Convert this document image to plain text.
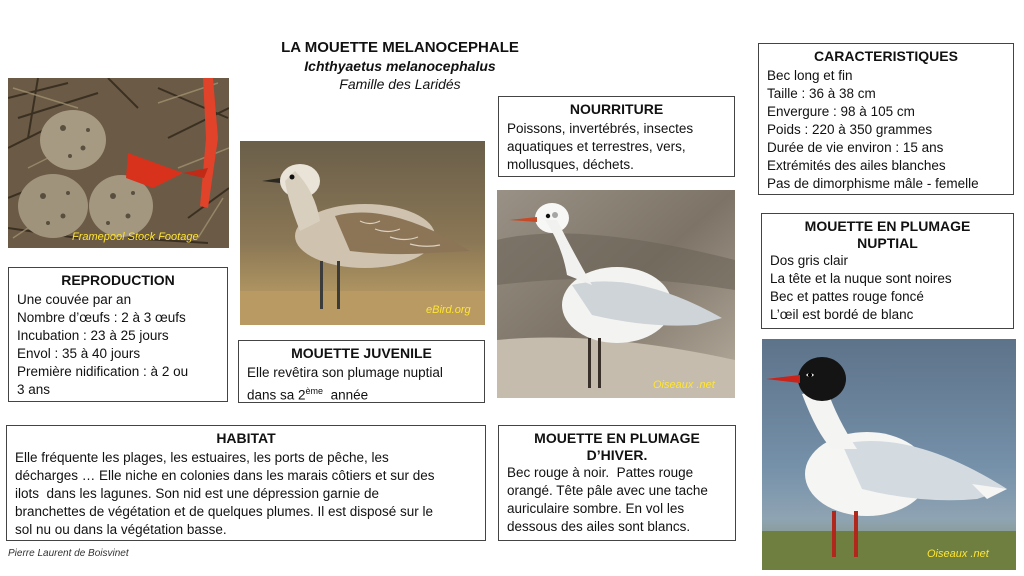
LA MOUETTE MELANOCEPHALE
Ichthyaetus melanocephalus
Famille des Laridés
Framepool Stock Footage
eBird.org
Oiseaux .net
Oiseaux .net
REPRODUCTION
Une couvée par an
Nombre d’œufs : 2 à 3 œufs
Incubation : 23 à 25 jours
Envol : 35 à 40 jours
Première nidification : à 2 ou
3 ans
MOUETTE JUVENILE
Elle revêtira son plumage nuptial
dans sa 2ème  année
NOURRITURE
Poissons, invertébrés, insectes
aquatiques et terrestres, vers,
mollusques, déchets.
CARACTERISTIQUES
Bec long et fin
Taille : 36 à 38 cm
Envergure : 98 à 105 cm
Poids : 220 à 350 grammes
Durée de vie environ : 15 ans
Extrémités des ailes blanches
Pas de dimorphisme mâle - femelle
MOUETTE EN PLUMAGE
NUPTIAL
Dos gris clair
La tête et la nuque sont noires
Bec et pattes rouge foncé
L’œil est bordé de blanc
HABITAT
Elle fréquente les plages, les estuaires, les ports de pêche, les
décharges … Elle niche en colonies dans les marais côtiers et sur des
ilots  dans les lagunes. Son nid est une dépression garnie de
branchettes de végétation et de quelques plumes. Il est disposé sur le
sol nu ou dans la végétation basse.
MOUETTE EN PLUMAGE
D’HIVER.
Bec rouge à noir.  Pattes rouge
orangé. Tête pâle avec une tache
auriculaire sombre. En vol les
dessous des ailes sont blancs.
Pierre Laurent de Boisvinet
